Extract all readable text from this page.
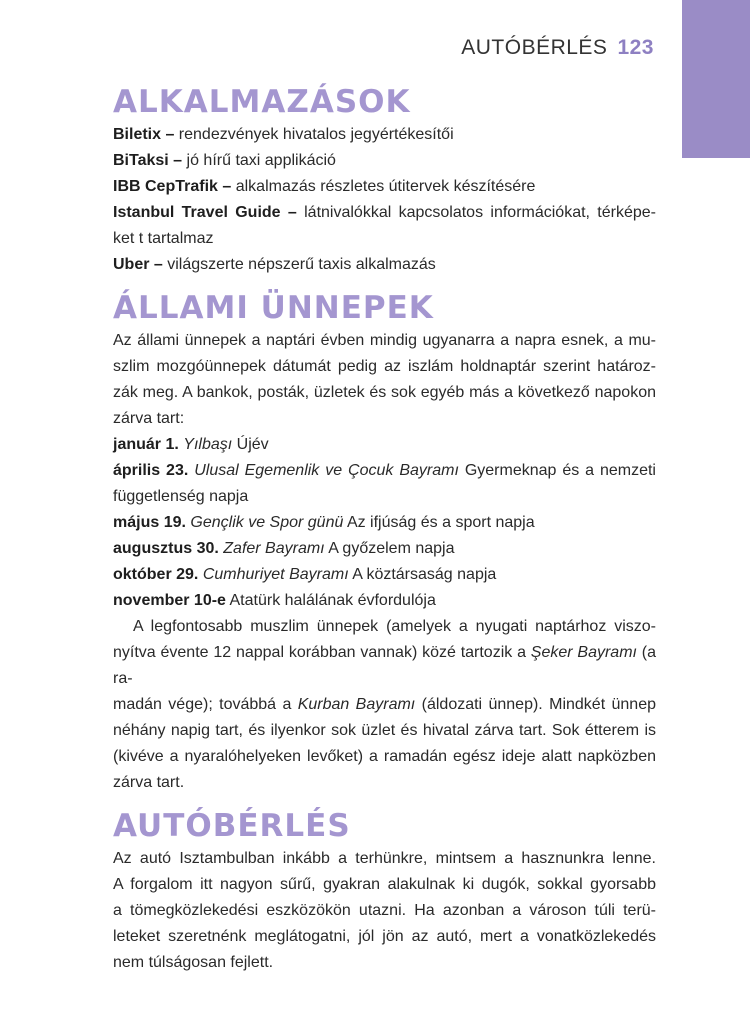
AUTÓBÉRLÉS 123
ALKALMAZÁSOK
Biletix – rendezvények hivatalos jegyértékesítői
BiTaksi – jó hírű taxi applikáció
IBB CepTrafik – alkalmazás részletes útitervek készítésére
Istanbul Travel Guide – látnivalókkal kapcsolatos információkat, térképe-
ket t tartalmaz
Uber – világszerte népszerű taxis alkalmazás
ÁLLAMI ÜNNEPEK
Az állami ünnepek a naptári évben mindig ugyanarra a napra esnek, a mu-
szlim mozgóünnepek dátumát pedig az iszlám holdnaptár szerint határoz-
zák meg. A bankok, posták, üzletek és sok egyéb más a következő napokon
zárva tart:
január 1. Yılbaşı Újév
április 23. Ulusal Egemenlik ve Çocuk Bayramı Gyermeknap és a nemzeti
függetlenség napja
május 19. Gençlik ve Spor günü Az ifjúság és a sport napja
augusztus 30. Zafer Bayramı A győzelem napja
október 29. Cumhuriyet Bayramı A köztársaság napja
november 10-e Atatürk halálának évfordulója
A legfontosabb muszlim ünnepek (amelyek a nyugati naptárhoz viszo-
nyítva évente 12 nappal korábban vannak) közé tartozik a Şeker Bayramı (a ra-
madán vége); továbbá a Kurban Bayramı (áldozati ünnep). Mindkét ünnep
néhány napig tart, és ilyenkor sok üzlet és hivatal zárva tart. Sok étterem is
(kivéve a nyaralóhelyeken levőket) a ramadán egész ideje alatt napközben
zárva tart.
AUTÓBÉRLÉS
Az autó Isztambulban inkább a terhünkre, mintsem a hasznunkra lenne.
A forgalom itt nagyon sűrű, gyakran alakulnak ki dugók, sokkal gyorsabb
a tömegközlekedési eszközökön utazni. Ha azonban a városon túli terü-
leteket szeretnénk meglátogatni, jól jön az autó, mert a vonatközlekedés
nem túlságosan fejlett.
